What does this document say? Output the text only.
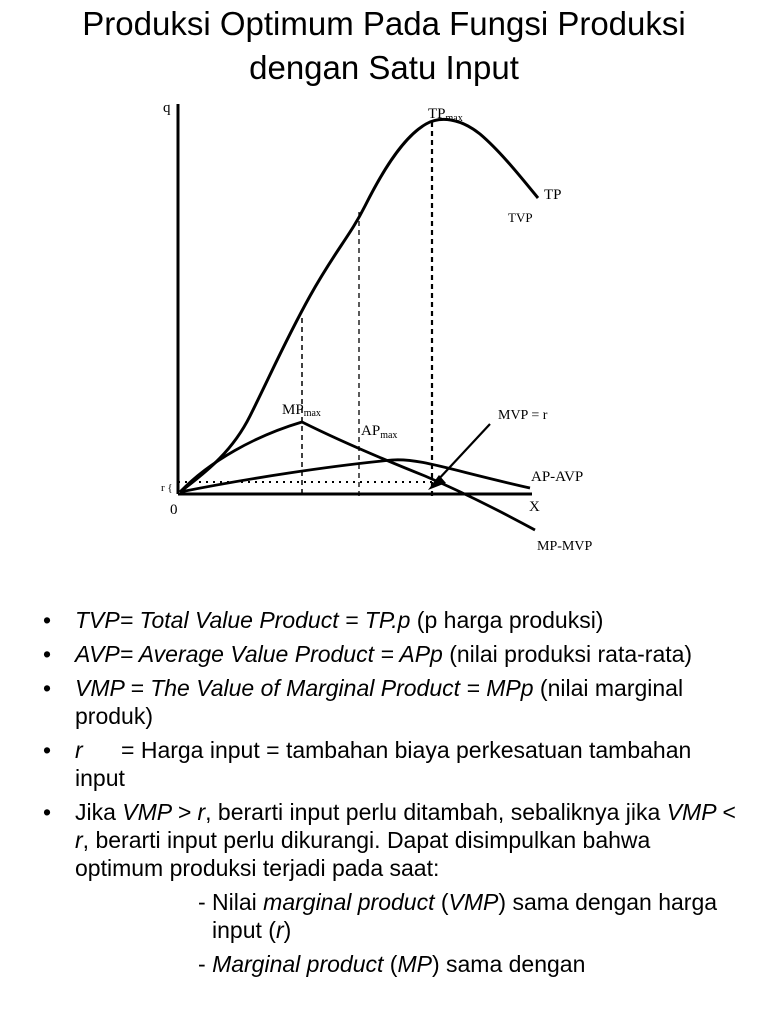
Produksi Optimum Pada Fungsi Produksi
dengan Satu Input
q
0
r {
X
TPmax
TP
TVP
MPmax
APmax
MVP = r
AP-AVP
MP-MVP
• TVP= Total Value Product = TP.p (p harga produksi)
• AVP= Average Value Product = APp (nilai produksi rata-rata)
• VMP = The Value of Marginal Product = MPp (nilai marginal produk)
• r      = Harga input = tambahan biaya perkesatuan tambahan input
• Jika VMP > r, berarti input perlu ditambah, sebaliknya jika VMP < r, berarti input perlu dikurangi. Dapat disimpulkan bahwa optimum produksi terjadi pada saat:
- Nilai marginal product (VMP) sama dengan harga input (r)
- Marginal product (MP) sama dengan
